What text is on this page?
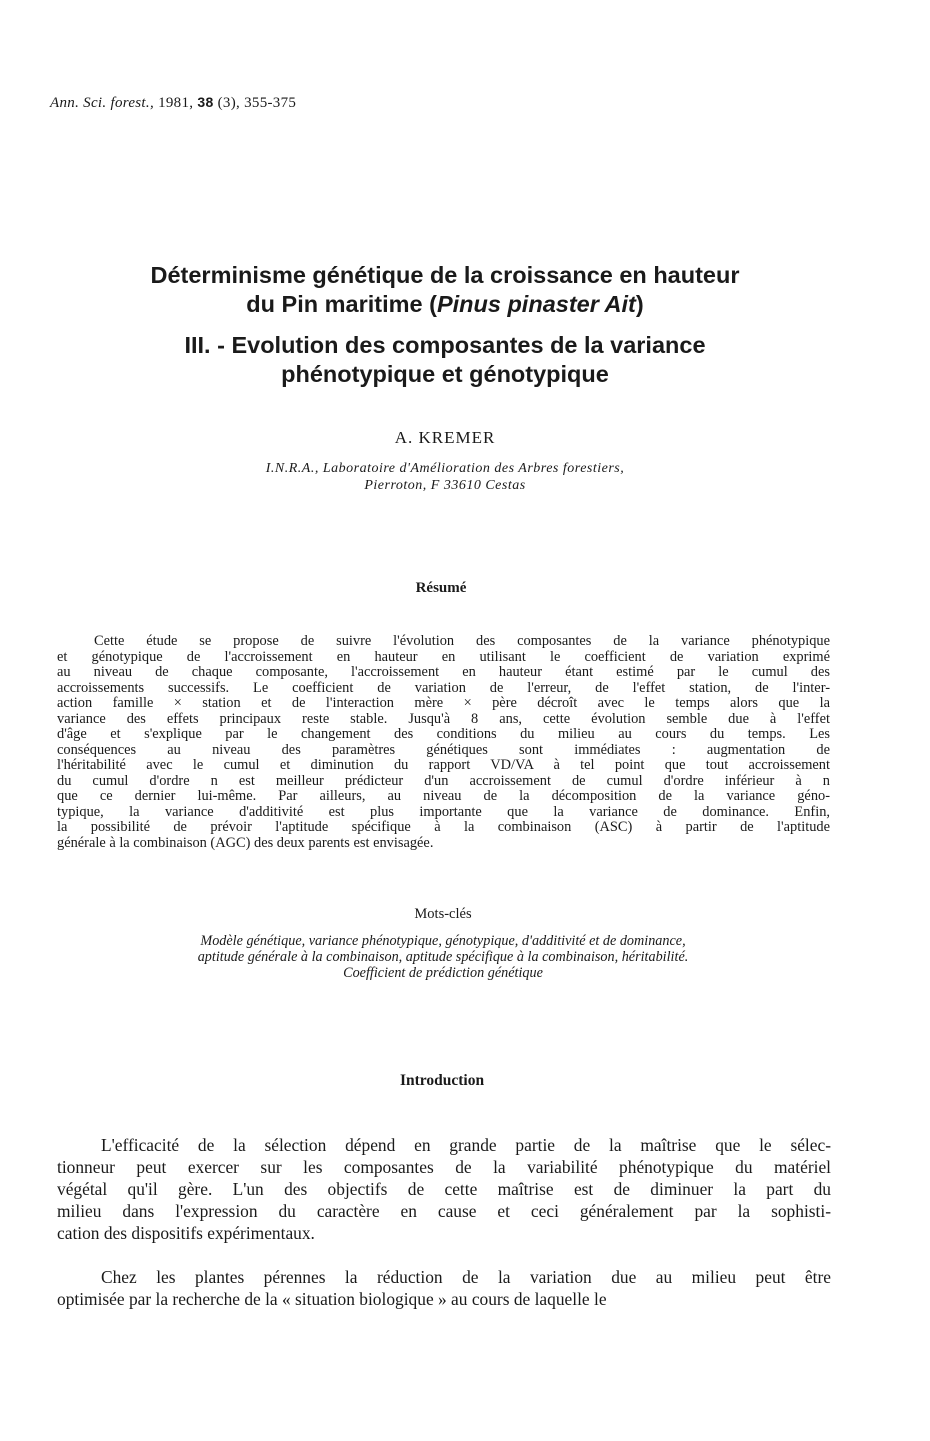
Ann. Sci. forest., 1981, 38 (3), 355-375
Déterminisme génétique de la croissance en hauteur
du Pin maritime (Pinus pinaster Ait)
III. - Evolution des composantes de la variance
phénotypique et génotypique
A. KREMER
I.N.R.A., Laboratoire d'Amélioration des Arbres forestiers,
Pierroton, F 33610 Cestas
Résumé
Cette étude se propose de suivre l'évolution des composantes de la variance phénotypique
et génotypique de l'accroissement en hauteur en utilisant le coefficient de variation exprimé
au niveau de chaque composante, l'accroissement en hauteur étant estimé par le cumul des
accroissements successifs. Le coefficient de variation de l'erreur, de l'effet station, de l'inter-
action famille × station et de l'interaction mère × père décroît avec le temps alors que la
variance des effets principaux reste stable. Jusqu'à 8 ans, cette évolution semble due à l'effet
d'âge et s'explique par le changement des conditions du milieu au cours du temps. Les
conséquences au niveau des paramètres génétiques sont immédiates : augmentation de
l'héritabilité avec le cumul et diminution du rapport VD/VA à tel point que tout accroissement
du cumul d'ordre n est meilleur prédicteur d'un accroissement de cumul d'ordre inférieur à n
que ce dernier lui-même. Par ailleurs, au niveau de la décomposition de la variance géno-
typique, la variance d'additivité est plus importante que la variance de dominance. Enfin,
la possibilité de prévoir l'aptitude spécifique à la combinaison (ASC) à partir de l'aptitude
générale à la combinaison (AGC) des deux parents est envisagée.
Mots-clés
Modèle génétique, variance phénotypique, génotypique, d'additivité et de dominance,
aptitude générale à la combinaison, aptitude spécifique à la combinaison, héritabilité.
Coefficient de prédiction génétique
Introduction
L'efficacité de la sélection dépend en grande partie de la maîtrise que le sélec-
tionneur peut exercer sur les composantes de la variabilité phénotypique du matériel
végétal qu'il gère. L'un des objectifs de cette maîtrise est de diminuer la part du
milieu dans l'expression du caractère en cause et ceci généralement par la sophisti-
cation des dispositifs expérimentaux.
Chez les plantes pérennes la réduction de la variation due au milieu peut être
optimisée par la recherche de la « situation biologique » au cours de laquelle le
